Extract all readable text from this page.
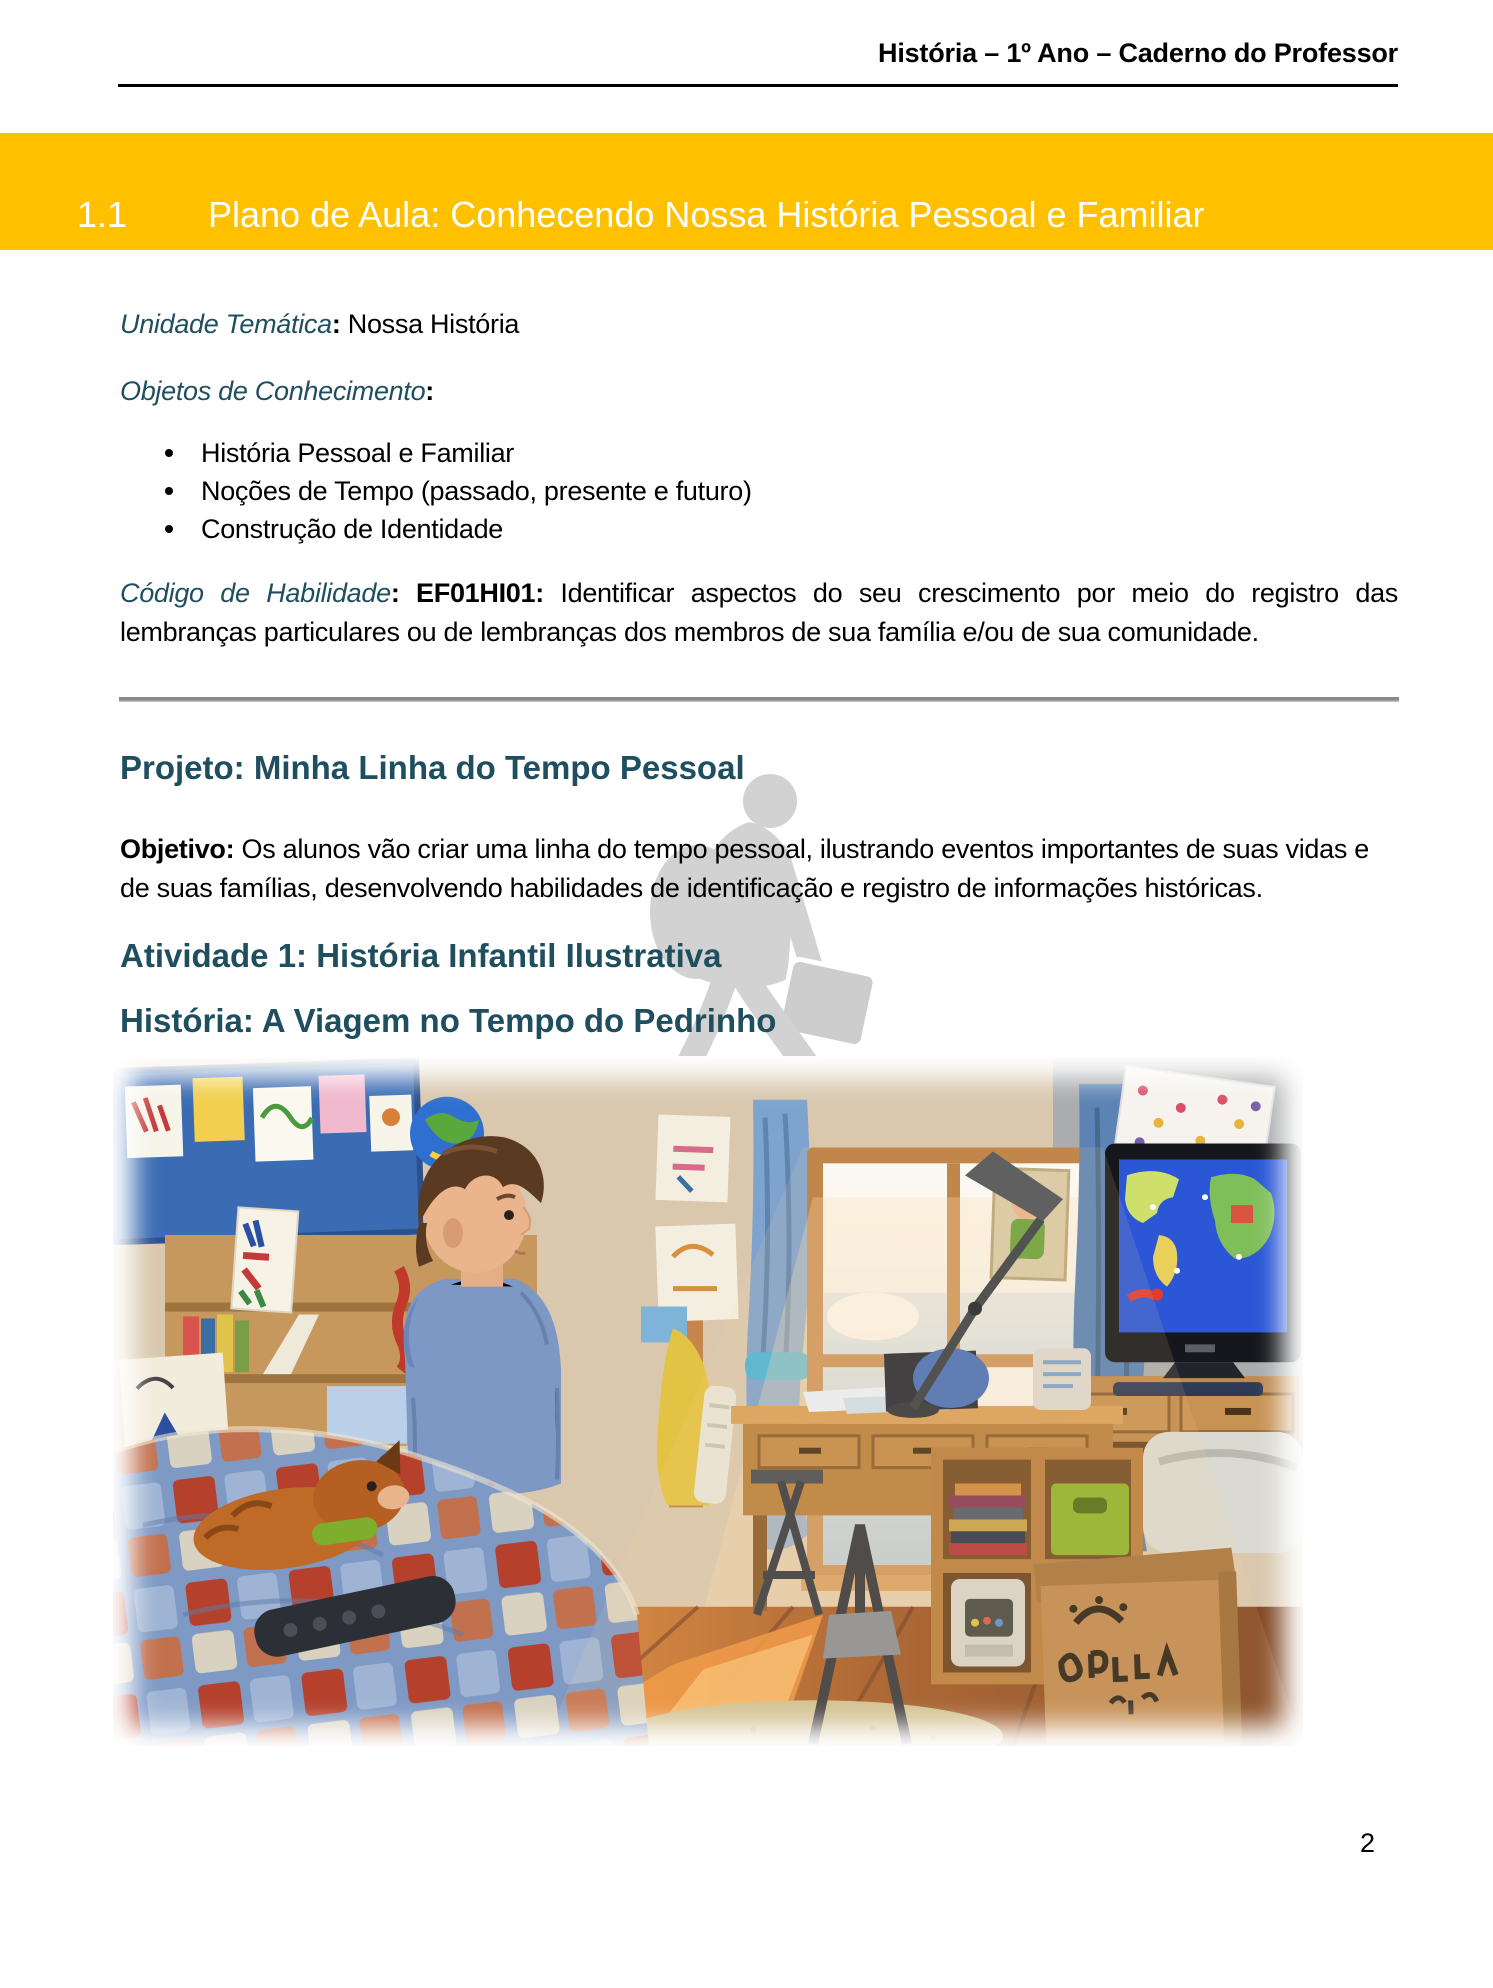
História – 1º Ano – Caderno do Professor
1.1	Plano de Aula: Conhecendo Nossa História Pessoal e Familiar

Unidade Temática: Nossa História

Objetos de Conhecimento:

História Pessoal e Familiar
Noções de Tempo (passado, presente e futuro)
Construção de Identidade

Código de Habilidade: EF01HI01: Identificar aspectos do seu crescimento por meio do registro das lembranças particulares ou de lembranças dos membros de sua família e/ou de sua comunidade.

Projeto: Minha Linha do Tempo Pessoal

Objetivo: Os alunos vão criar uma linha do tempo pessoal, ilustrando eventos importantes de suas vidas e de suas famílias, desenvolvendo habilidades de identificação e registro de informações históricas.

Atividade 1: História Infantil Ilustrativa
História: A Viagem no Tempo do Pedrinho
2
